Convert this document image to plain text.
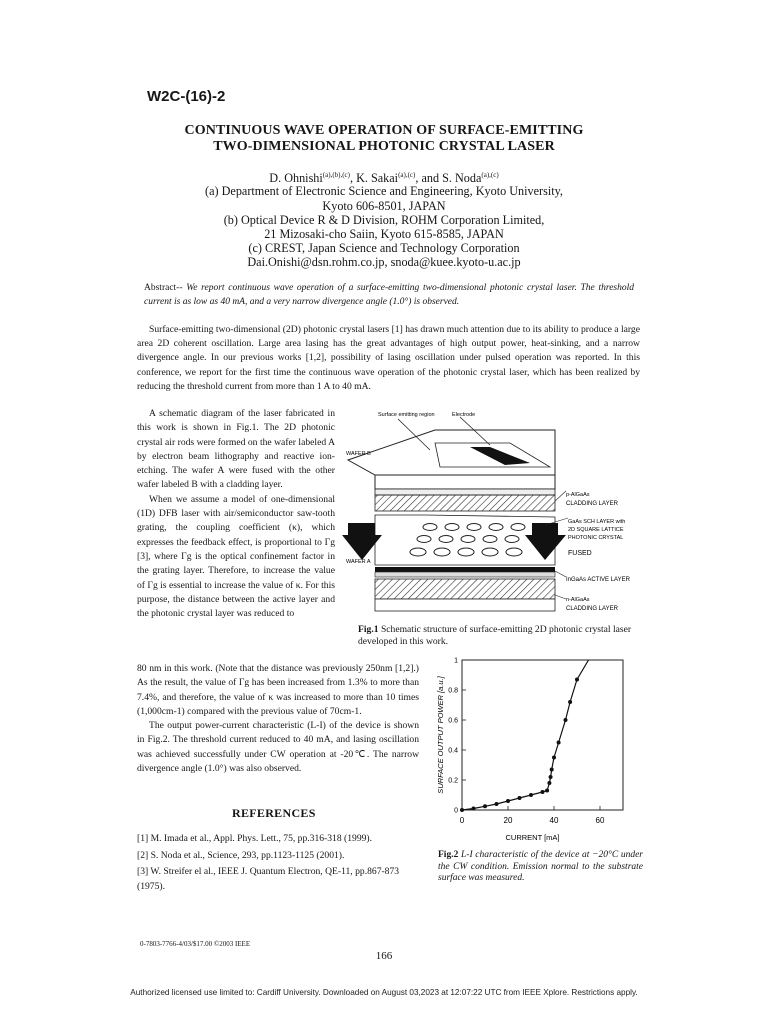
W2C-(16)-2
CONTINUOUS WAVE OPERATION OF SURFACE-EMITTING
TWO-DIMENSIONAL PHOTONIC CRYSTAL LASER
D. Ohnishi$^{(a),(b),(c)}$, K. Sakai$^{(a),(c)}$, and S. Noda$^{(a),(c)}$
(a) Department of Electronic Science and Engineering, Kyoto University,
Kyoto 606-8501, JAPAN
(b) Optical Device R & D Division, ROHM Corporation Limited,
21 Mizosaki-cho Saiin, Kyoto 615-8585, JAPAN
(c) CREST, Japan Science and Technology Corporation
Dai.Onishi@dsn.rohm.co.jp, snoda@kuee.kyoto-u.ac.jp
Abstract-- We report continuous wave operation of a surface-emitting two-dimensional photonic crystal laser. The threshold current is as low as 40 mA, and a very narrow divergence angle (1.0°) is observed.
Surface-emitting two-dimensional (2D) photonic crystal lasers [1] has drawn much attention due to its ability to produce a large area 2D coherent oscillation. Large area lasing has the great advantages of high output power, heat-sinking, and a narrow divergence angle. In our previous works [1,2], possibility of lasing oscillation under pulsed operation was reported. In this conference, we report for the first time the continuous wave operation of the photonic crystal laser, which has been realized by reducing the threshold current from more than 1 A to 40 mA.

A schematic diagram of the laser fabricated in this work is shown in Fig.1. The 2D photonic crystal air rods were formed on the wafer labeled A by electron beam lithography and reactive ion-etching. The wafer A were fused with the other wafer labeled B with a cladding layer.

When we assume a model of one-dimensional (1D) DFB laser with air/semiconductor saw-tooth grating, the coupling coefficient (κ), which expresses the feedback effect, is proportional to Γg [3], where Γg is the optical confinement factor in the grating layer. Therefore, to increase the value of Γg is essential to increase the value of κ. For this purpose, the distance between the active layer and the photonic crystal layer was reduced to

80 nm in this work. (Note that the distance was previously 250nm [1,2].) As the result, the value of Γg has been increased from 1.3% to more than 7.4%, and therefore, the value of κ was increased to more than 10 times (1,000cm-1) compared with the previous value of 70cm-1.

The output power-current characteristic (L-I) of the device is shown in Fig.2. The threshold current reduced to 40 mA, and lasing oscillation was achieved successfully under CW operation at -20℃. The narrow divergence angle (1.0°) was also observed.

REFERENCES
[1] M. Imada et al., Appl. Phys. Lett., 75, pp.316-318 (1999).
[2] S. Noda et al., Science, 293, pp.1123-1125 (2001).
[3] W. Streifer el al., IEEE J. Quantum Electron, QE-11, pp.867-873 (1975).
Surface emitting region	Electrode
WAFER B
WAFER A
p-AlGaAs
CLADDING LAYER
GaAs SCH LAYER with
2D SQUARE LATTICE
PHOTONIC CRYSTAL
FUSED
InGaAs ACTIVE LAYER
n-AlGaAs
CLADDING LAYER
Fig.1 Schematic structure of surface-emitting 2D photonic crystal laser developed in this work.
0
0.2
0.4
0.6
0.8
1
0	20	40	60
CURRENT [mA]
SURFACE OUTPUT POWER [a.u.]
Fig.2 L-I characteristic of the device at −20°C under the CW condition. Emission normal to the substrate surface was measured.
0-7803-7766-4/03/$17.00 ©2003 IEEE
166
Authorized licensed use limited to: Cardiff University. Downloaded on August 03,2023 at 12:07:22 UTC from IEEE Xplore. Restrictions apply.
